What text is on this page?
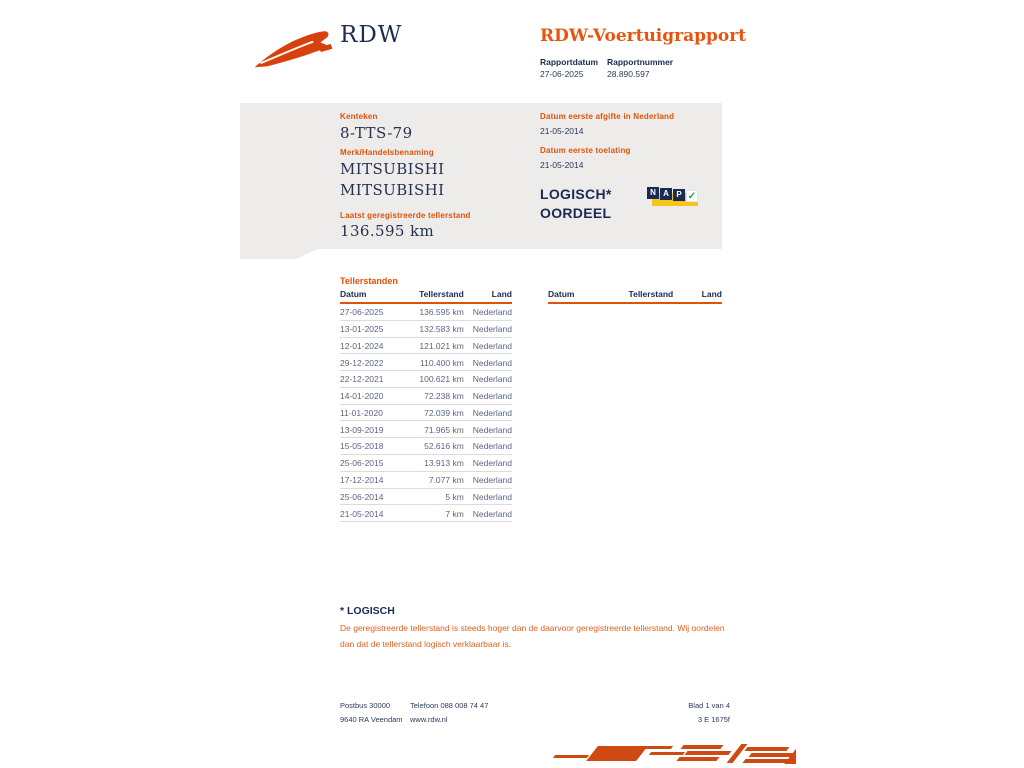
RDW	RDW-Voertuigrapport
Rapportdatum
27-06-2025
Rapportnummer
28.890.597
Kenteken
8-TTS-79
Merk/Handelsbenaming
MITSUBISHI
MITSUBISHI
Laatst geregistreerde tellerstand
136.595 km
Datum eerste afgifte in Nederland
21-05-2014
Datum eerste toelating
21-05-2014
LOGISCH*
OORDEEL
N A P ✓
Tellerstanden
Datum	Tellerstand	Land
27-06-2025	136.595 km	Nederland
13-01-2025	132.583 km	Nederland
12-01-2024	121.021 km	Nederland
29-12-2022	110.400 km	Nederland
22-12-2021	100.621 km	Nederland
14-01-2020	72.238 km	Nederland
11-01-2020	72.039 km	Nederland
13-09-2019	71.965 km	Nederland
15-05-2018	52.616 km	Nederland
25-06-2015	13.913 km	Nederland
17-12-2014	7.077 km	Nederland
25-06-2014	5 km	Nederland
21-05-2014	7 km	Nederland
Datum	Tellerstand	Land
* LOGISCH
De geregistreerde tellerstand is steeds hoger dan de daarvoor geregistreerde tellerstand. Wij oordelen dan dat de tellerstand logisch verklaarbaar is.
Postbus 30000
9640 RA Veendam
Telefoon 088 008 74 47
www.rdw.nl
Blad 1 van 4
3 E 1675f
